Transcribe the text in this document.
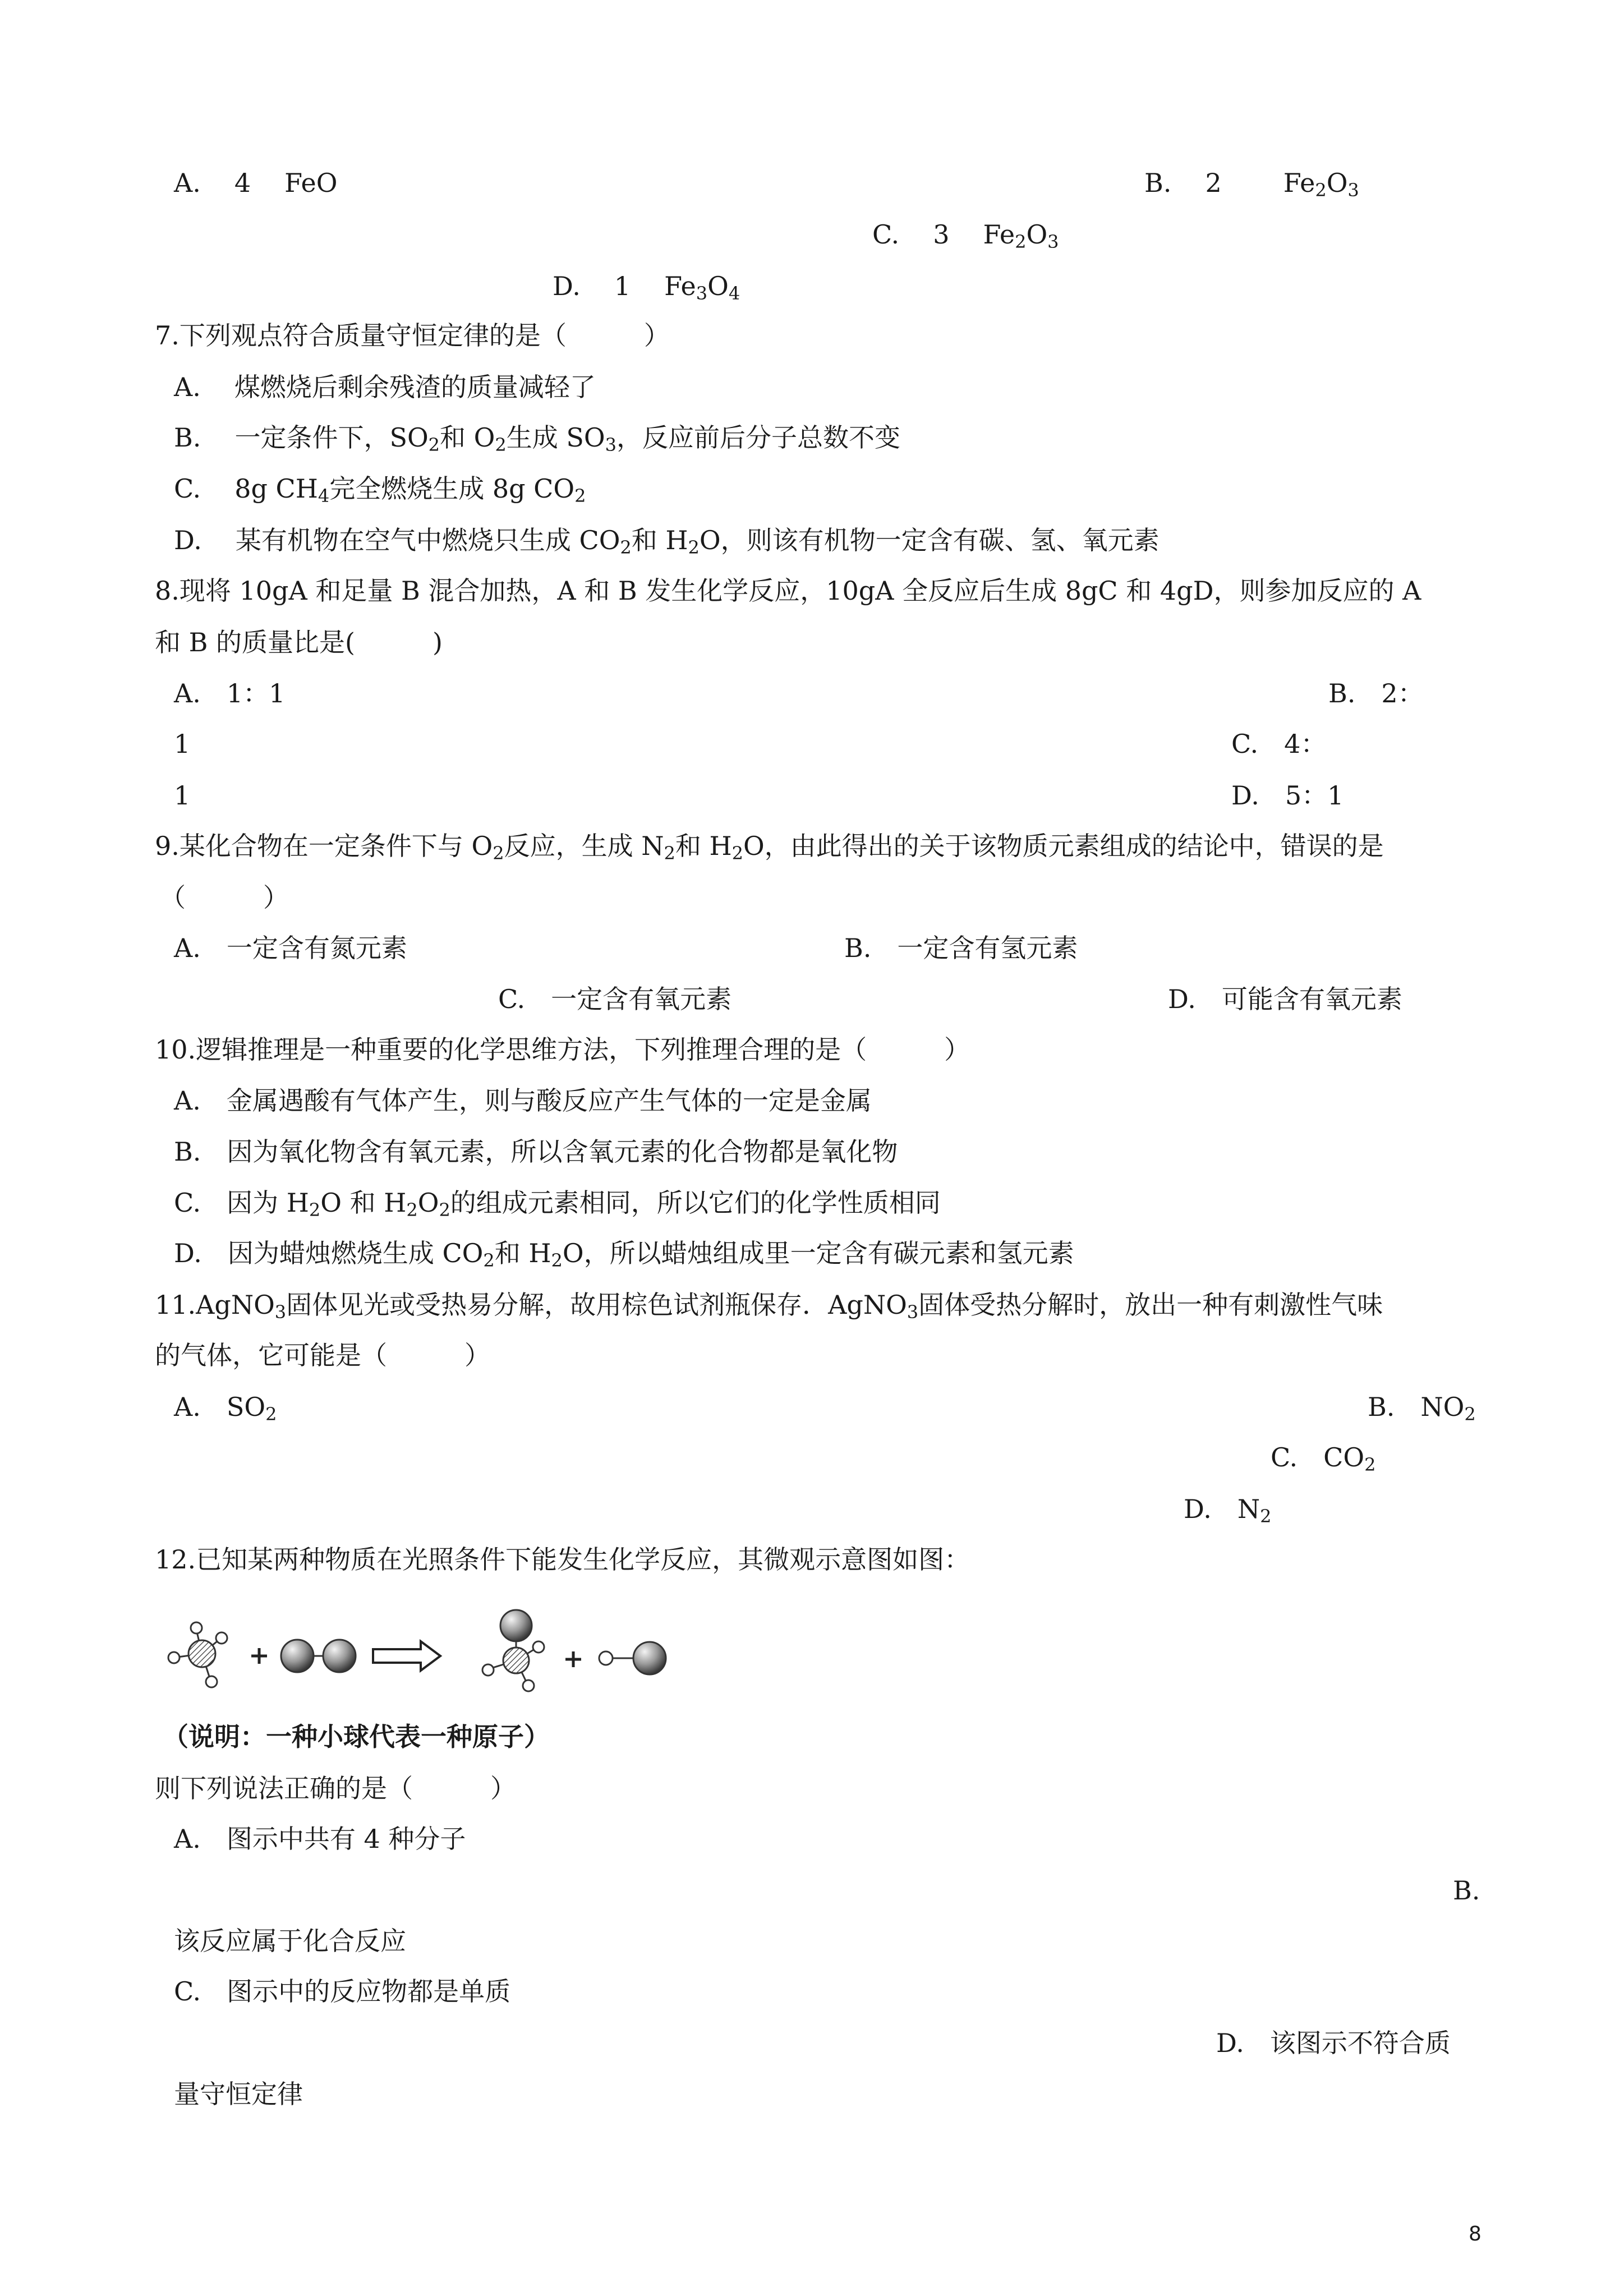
A. 4 FeO	B. 2 $Fe_2O_3$
C. 3 $Fe_2O_3$
D. 1 $Fe_3O_4$
7.下列观点符合质量守恒定律的是（　　　）
A. 煤燃烧后剩余残渣的质量减轻了
B. 一定条件下，$SO_2$和 $O_2$生成 $SO_3$，反应前后分子总数不变
C. 8g $CH_4$完全燃烧生成 8g $CO_2$
D. 某有机物在空气中燃烧只生成 $CO_2$和 $H_2O$，则该有机物一定含有碳、氢、氧元素
8.现将 10gA 和足量 B 混合加热，A 和 B 发生化学反应，10gA 全反应后生成 8gC 和 4gD，则参加反应的 A
和 B 的质量比是(　　　)
A.　1：1	B.　2：
1	C.　4：
1	D.　5：1
9.某化合物在一定条件下与 $O_2$反应，生成 $N_2$和 $H_2O$，由此得出的关于该物质元素组成的结论中，错误的是
（　　　）
A.　一定含有氮元素	B.　一定含有氢元素
C.　一定含有氧元素	D.　可能含有氧元素
10.逻辑推理是一种重要的化学思维方法，下列推理合理的是（　　　）
A.　金属遇酸有气体产生，则与酸反应产生气体的一定是金属
B.　因为氧化物含有氧元素，所以含氧元素的化合物都是氧化物
C.　因为 $H_2O$ 和 $H_2O_2$的组成元素相同，所以它们的化学性质相同
D.　因为蜡烛燃烧生成 $CO_2$和 $H_2O$，所以蜡烛组成里一定含有碳元素和氢元素
11.AgNO$_3$固体见光或受热易分解，故用棕色试剂瓶保存．AgNO$_3$固体受热分解时，放出一种有刺激性气味
的气体，它可能是（　　　）
A.　$SO_2$	B.　$NO_2$
C.　$CO_2$
D.　$N_2$
12.已知某两种物质在光照条件下能发生化学反应，其微观示意图如图：
（说明：一种小球代表一种原子）
则下列说法正确的是（　　　）
A.　图示中共有 4 种分子
B.
该反应属于化合反应
C.　图示中的反应物都是单质
D.　该图示不符合质
量守恒定律
8
